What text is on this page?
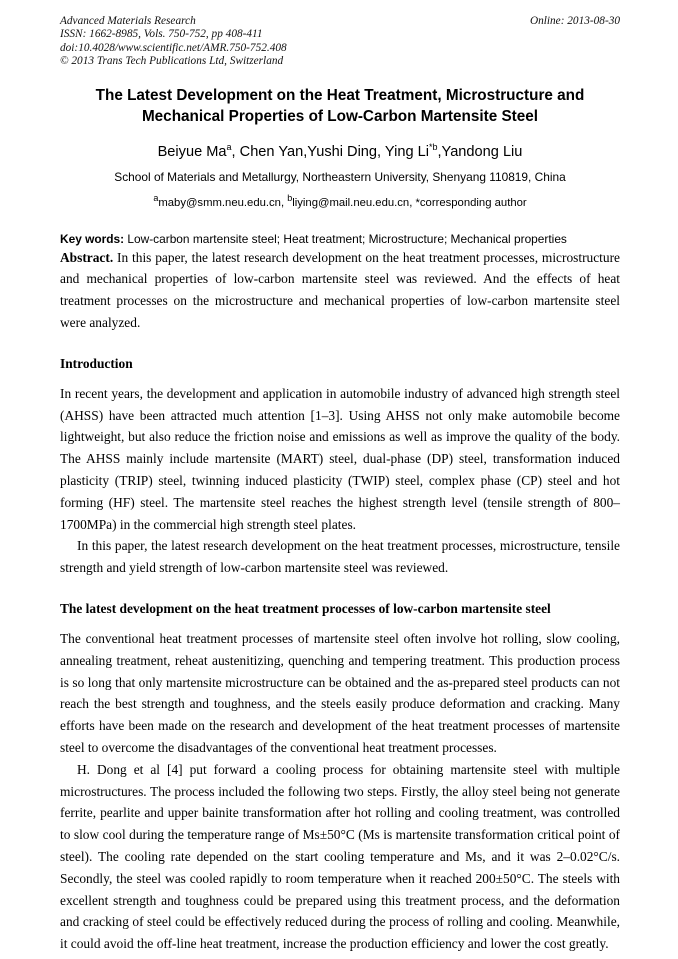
Advanced Materials Research
ISSN: 1662-8985, Vols. 750-752, pp 408-411
doi:10.4028/www.scientific.net/AMR.750-752.408
© 2013 Trans Tech Publications Ltd, Switzerland
Online: 2013-08-30
The Latest Development on the Heat Treatment, Microstructure and
Mechanical Properties of Low-Carbon Martensite Steel
Beiyue Ma$^a$, Chen Yan,Yushi Ding, Ying Li$^{*b}$,Yandong Liu
School of Materials and Metallurgy, Northeastern University, Shenyang 110819, China
$^a$maby@smm.neu.edu.cn, $^b$liying@mail.neu.edu.cn, *corresponding author
Key words: Low-carbon martensite steel; Heat treatment; Microstructure; Mechanical properties

Abstract. In this paper, the latest research development on the heat treatment processes, microstructure and mechanical properties of low-carbon martensite steel was reviewed. And the effects of heat treatment processes on the microstructure and mechanical properties of low-carbon martensite steel were analyzed.

Introduction

In recent years, the development and application in automobile industry of advanced high strength steel (AHSS) have been attracted much attention [1–3]. Using AHSS not only make automobile become lightweight, but also reduce the friction noise and emissions as well as improve the quality of the body. The AHSS mainly include martensite (MART) steel, dual-phase (DP) steel, transformation induced plasticity (TRIP) steel, twinning induced plasticity (TWIP) steel, complex phase (CP) steel and hot forming (HF) steel. The martensite steel reaches the highest strength level (tensile strength of 800–1700MPa) in the commercial high strength steel plates.

In this paper, the latest research development on the heat treatment processes, microstructure, tensile strength and yield strength of low-carbon martensite steel was reviewed.

The latest development on the heat treatment processes of low-carbon martensite steel

The conventional heat treatment processes of martensite steel often involve hot rolling, slow cooling, annealing treatment, reheat austenitizing, quenching and tempering treatment. This production process is so long that only martensite microstructure can be obtained and the as-prepared steel products can not reach the best strength and toughness, and the steels easily produce deformation and cracking. Many efforts have been made on the research and development of the heat treatment processes of martensite steel to overcome the disadvantages of the conventional heat treatment processes.

H. Dong et al [4] put forward a cooling process for obtaining martensite steel with multiple microstructures. The process included the following two steps. Firstly, the alloy steel being not generate ferrite, pearlite and upper bainite transformation after hot rolling and cooling treatment, was controlled to slow cool during the temperature range of Ms±50°C (Ms is martensite transformation critical point of steel). The cooling rate depended on the start cooling temperature and Ms, and it was 2–0.02°C/s. Secondly, the steel was cooled rapidly to room temperature when it reached 200±50°C. The steels with excellent strength and toughness could be prepared using this treatment process, and the deformation and cracking of steel could be effectively reduced during the process of rolling and cooling. Meanwhile, it could avoid the off-line heat treatment, increase the production efficiency and lower the cost greatly.
